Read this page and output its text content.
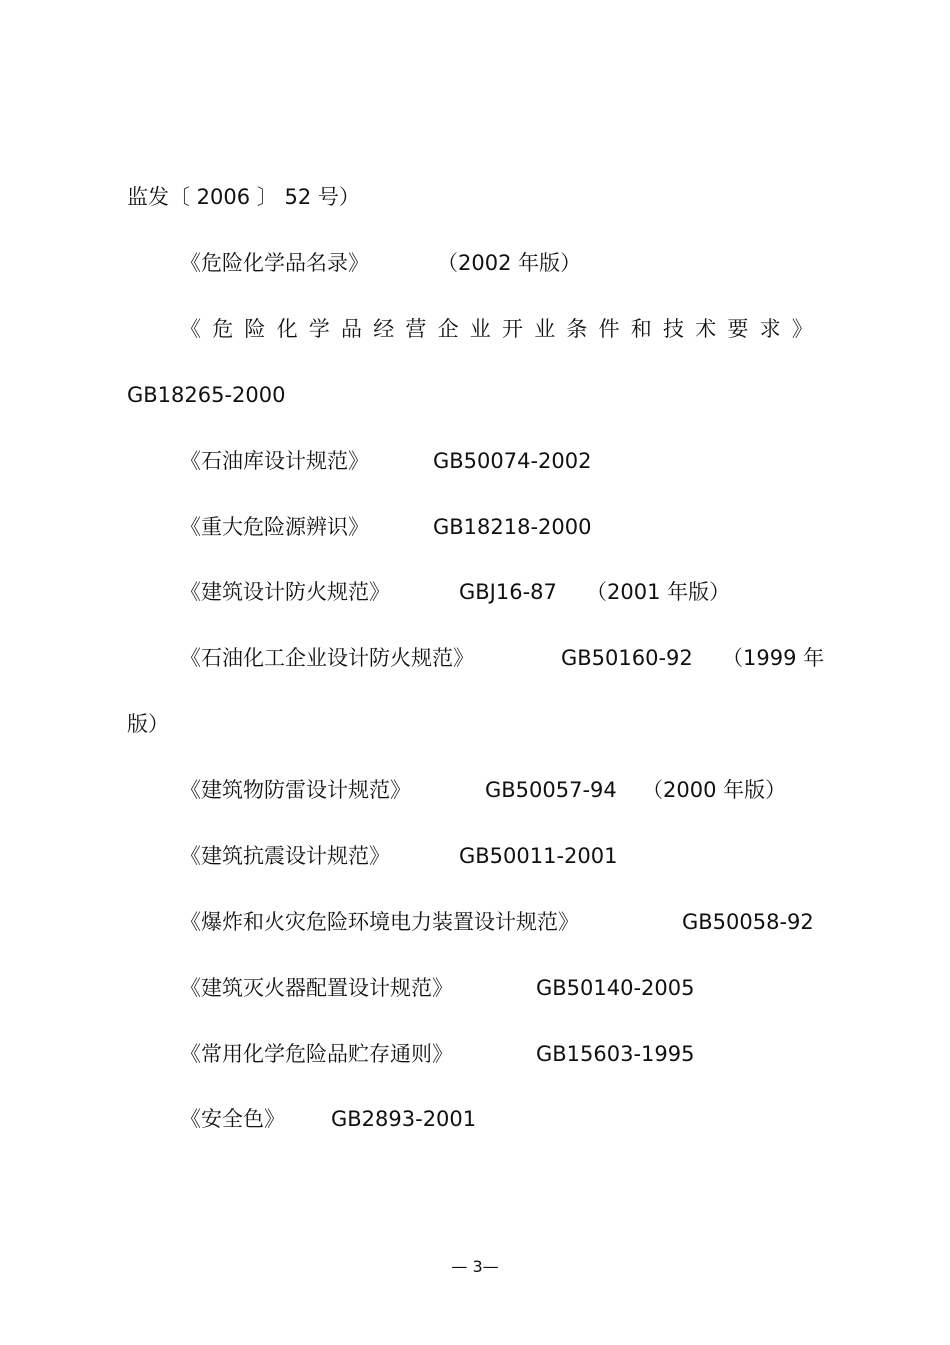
监发〔 2006 〕 52 号）
《危险化学品名录》	（2002 年版）
《危险化学品经营企业开业条件和技术要求》
GB18265-2000
《石油库设计规范》	GB50074-2002
《重大危险源辨识》	GB18218-2000
《建筑设计防火规范》	GBJ16-87 （2001 年版）
《石油化工企业设计防火规范》	GB50160-92 （1999 年
版）
《建筑物防雷设计规范》	GB50057-94 （2000 年版）
《建筑抗震设计规范》	GB50011-2001
《爆炸和火灾危险环境电力装置设计规范》	GB50058-92
《建筑灭火器配置设计规范》	GB50140-2005
《常用化学危险品贮存通则》	GB15603-1995
《安全色》 GB2893-2001
— 3—
